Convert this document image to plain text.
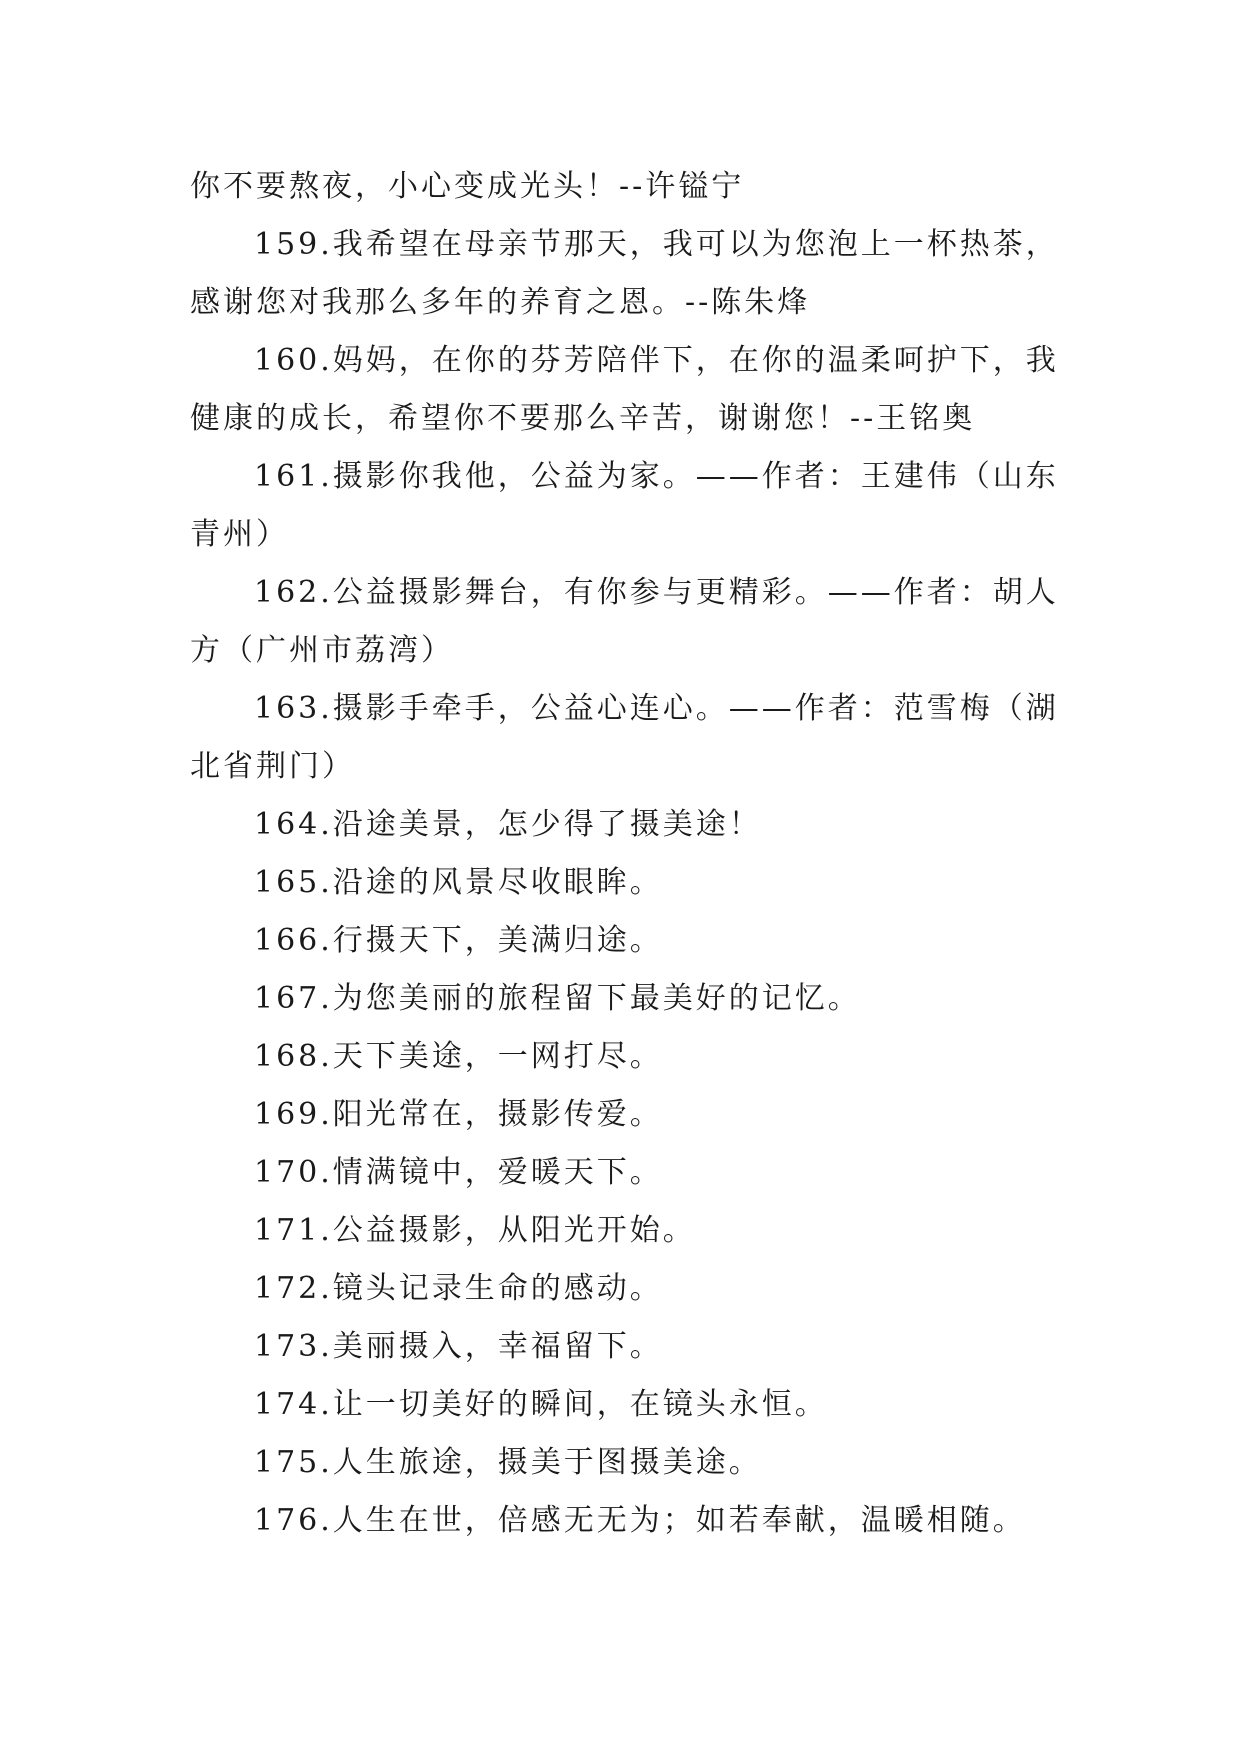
你不要熬夜，小心变成光头！--许镒宁
159.我希望在母亲节那天，我可以为您泡上一杯热茶，
感谢您对我那么多年的养育之恩。--陈朱烽
160.妈妈，在你的芬芳陪伴下，在你的温柔呵护下，我
健康的成长，希望你不要那么辛苦，谢谢您！--王铭奥
161.摄影你我他，公益为家。——作者：王建伟（山东
青州）
162.公益摄影舞台，有你参与更精彩。——作者：胡人
方（广州市荔湾）
163.摄影手牵手，公益心连心。——作者：范雪梅（湖
北省荆门）
164.沿途美景，怎少得了摄美途！
165.沿途的风景尽收眼眸。
166.行摄天下，美满归途。
167.为您美丽的旅程留下最美好的记忆。
168.天下美途，一网打尽。
169.阳光常在，摄影传爱。
170.情满镜中，爱暖天下。
171.公益摄影，从阳光开始。
172.镜头记录生命的感动。
173.美丽摄入，幸福留下。
174.让一切美好的瞬间，在镜头永恒。
175.人生旅途，摄美于图摄美途。
176.人生在世，倍感无无为；如若奉献，温暖相随。
